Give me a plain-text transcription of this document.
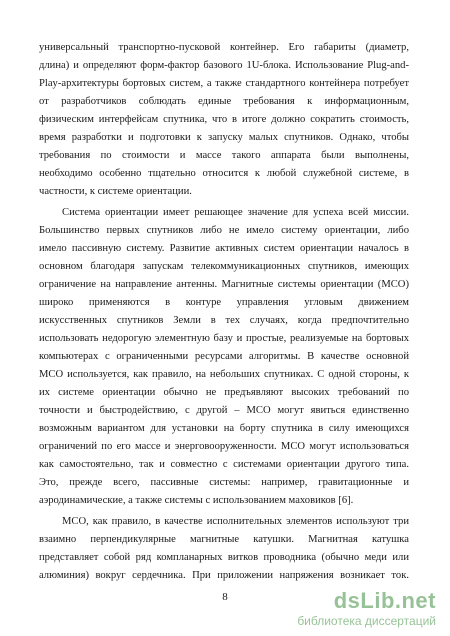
универсальный транспортно-пусковой контейнер. Его габариты (диаметр,

длина) и определяют форм-фактор базового 1U-блока. Использование Plug-and-

Play-архитектуры бортовых систем, а также стандартного контейнера потребует

от разработчиков соблюдать единые требования к информационным,

физическим интерфейсам спутника, что в итоге должно сократить стоимость,

время разработки и подготовки к запуску малых спутников. Однако, чтобы

требования по стоимости и массе такого аппарата были выполнены,

необходимо особенно тщательно относится к любой служебной системе, в

частности, к системе ориентации.

Система ориентации имеет решающее значение для успеха всей миссии.

Большинство первых спутников либо не имело систему ориентации, либо

имело пассивную систему. Развитие активных систем ориентации началось в

основном благодаря запускам телекоммуникационных спутников, имеющих

ограничение на направление антенны. Магнитные системы ориентации (МСО)

широко применяются в контуре управления угловым движением

искусственных спутников Земли в тех случаях, когда предпочтительно

использовать недорогую элементную базу и простые, реализуемые на бортовых

компьютерах с ограниченными ресурсами алгоритмы. В качестве основной

МСО используется, как правило, на небольших спутниках. С одной стороны, к

их системе ориентации обычно не предъявляют высоких требований по

точности и быстродействию, с другой – МСО могут явиться единственно

возможным вариантом для установки на борту спутника в силу имеющихся

ограничений по его массе и энерговооруженности. МСО могут использоваться

как самостоятельно, так и совместно с системами ориентации другого типа.

Это, прежде всего, пассивные системы: например, гравитационные и

аэродинамические, а также системы с использованием маховиков [6].

МСО, как правило, в качестве исполнительных элементов используют три

взаимно перпендикулярные магнитные катушки. Магнитная катушка

представляет собой ряд компланарных витков проводника (обычно меди или

алюминия) вокруг сердечника. При приложении напряжения возникает ток.

8	dsLib.net
библиотека диссертаций
